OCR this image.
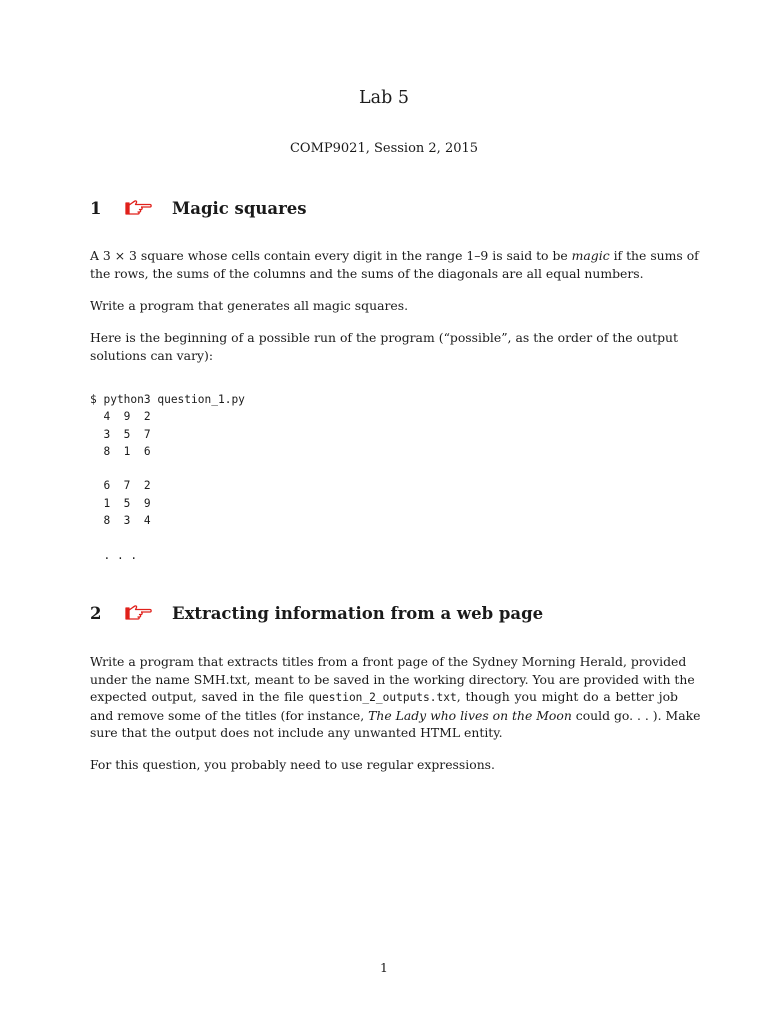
Lab 5
COMP9021, Session 2, 2015
1	Magic squares
A 3 × 3 square whose cells contain every digit in the range 1–9 is said to be magic if the sums of
the rows, the sums of the columns and the sums of the diagonals are all equal numbers.
Write a program that generates all magic squares.
Here is the beginning of a possible run of the program (“possible”, as the order of the output
solutions can vary):
$ python3 question_1.py
4  9  2
3  5  7
8  1  6

6  7  2
1  5  9
8  3  4

. . .
2	Extracting information from a web page
Write a program that extracts titles from a front page of the Sydney Morning Herald, provided
under the name SMH.txt, meant to be saved in the working directory. You are provided with the
expected output, saved in the file question_2_outputs.txt, though you might do a better job
and remove some of the titles (for instance, The Lady who lives on the Moon could go. . . ). Make
sure that the output does not include any unwanted HTML entity.
For this question, you probably need to use regular expressions.
1
